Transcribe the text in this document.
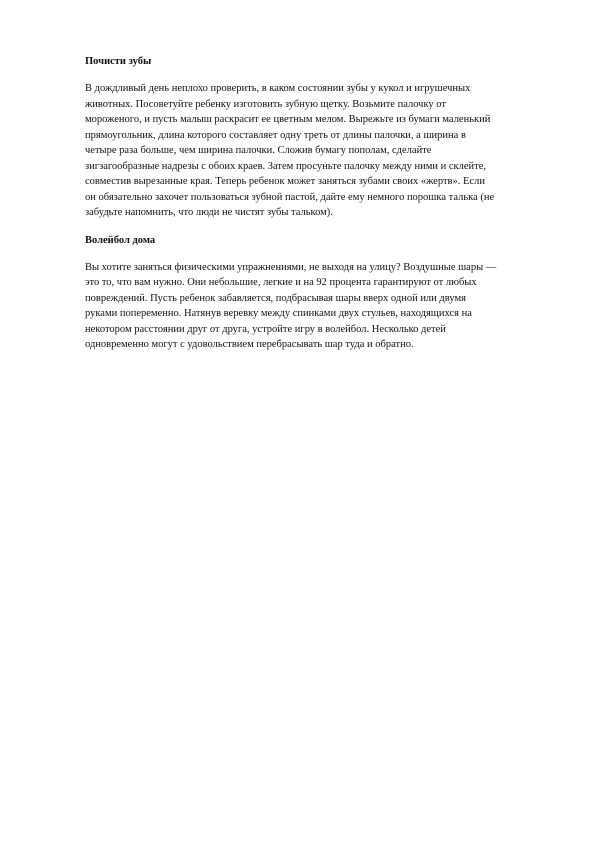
Почисти зубы
В дождливый день неплохо проверить, в каком состоянии зубы у кукол и игрушечных
животных. Посоветуйте ребенку изготовить зубную щетку. Возьмите палочку от
мороженого, и пусть малыш раскрасит ее цветным мелом. Вырежьте из бумаги маленький
прямоугольник, длина которого составляет одну треть от длины палочки, а ширина в
четыре раза больше, чем ширина палочки. Сложив бумагу пополам, сделайте
зигзагообразные надрезы с обоих краев. Затем просуньте палочку между ними и склейте,
совместив вырезанные края. Теперь ребенок может заняться зубами своих «жертв». Если
он обязательно захочет пользоваться зубной пастой, дайте ему немного порошка талька (не
забудьте напомнить, что люди не чистят зубы тальком).
Волейбол дома
Вы хотите заняться физическими упражнениями, не выходя на улицу? Воздушные шары —
это то, что вам нужно. Они небольшие, легкие и на 92 процента гарантируют от любых
повреждений. Пусть ребенок забавляется, подбрасывая шары вверх одной или двумя
руками попеременно. Натянув веревку между спинками двух стульев, находящихся на
некотором расстоянии друг от друга, устройте игру в волейбол. Несколько детей
одновременно могут с удовольствием перебрасывать шар туда и обратно.
